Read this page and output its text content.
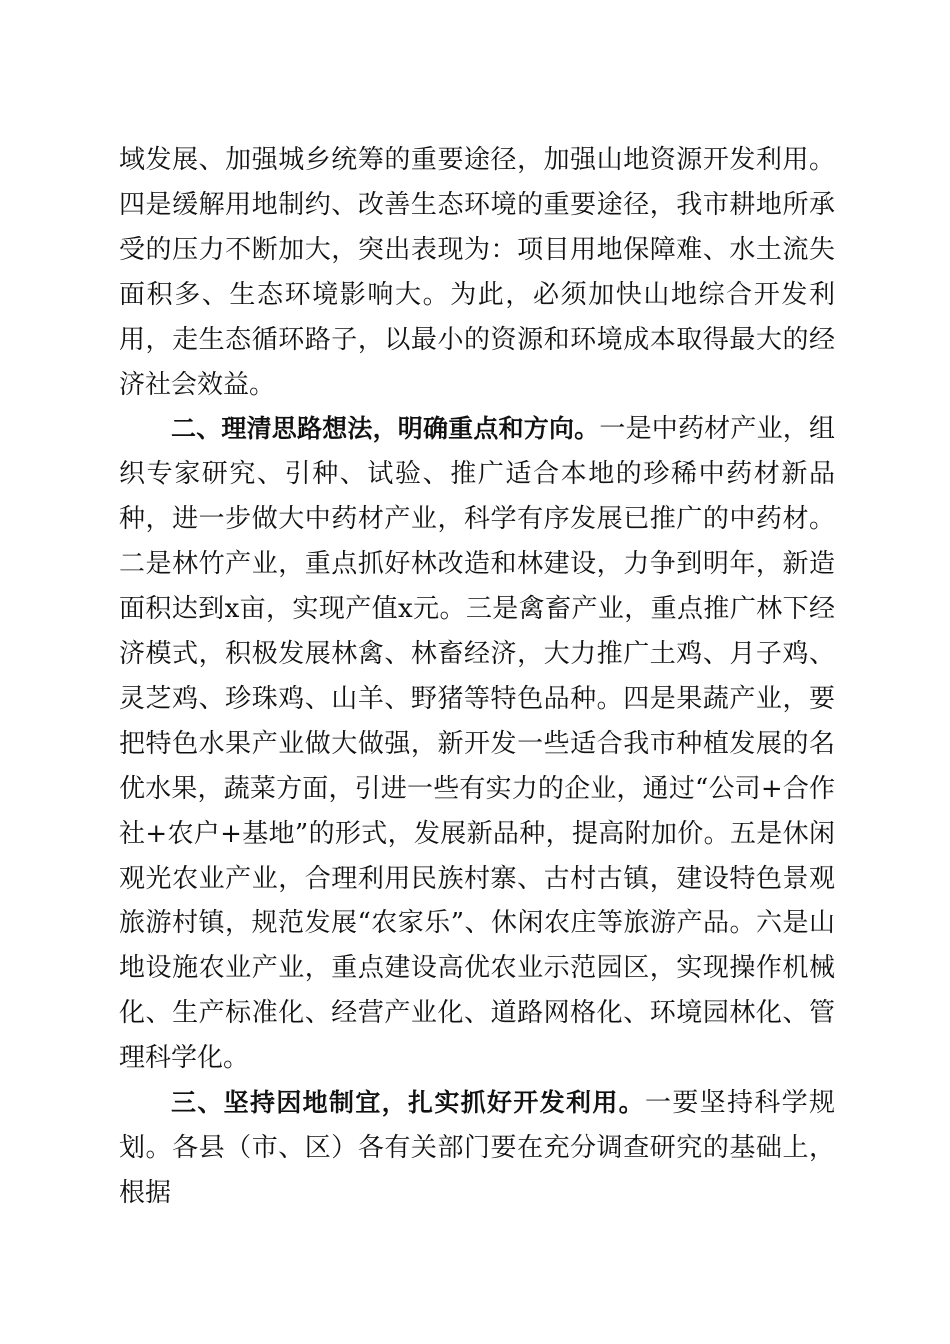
域发展、加强城乡统筹的重要途径，加强山地资源开发利用。四是缓解用地制约、改善生态环境的重要途径，我市耕地所承受的压力不断加大，突出表现为：项目用地保障难、水土流失面积多、生态环境影响大。为此，必须加快山地综合开发利用，走生态循环路子，以最小的资源和环境成本取得最大的经济社会效益。

二、理清思路想法，明确重点和方向。一是中药材产业，组织专家研究、引种、试验、推广适合本地的珍稀中药材新品种，进一步做大中药材产业，科学有序发展已推广的中药材。二是林竹产业，重点抓好林改造和林建设，力争到明年，新造面积达到x亩，实现产值x元。三是禽畜产业，重点推广林下经济模式，积极发展林禽、林畜经济，大力推广土鸡、月子鸡、灵芝鸡、珍珠鸡、山羊、野猪等特色品种。四是果蔬产业，要把特色水果产业做大做强，新开发一些适合我市种植发展的名优水果，蔬菜方面，引进一些有实力的企业，通过“公司+合作社+农户+基地”的形式，发展新品种，提高附加价。五是休闲观光农业产业，合理利用民族村寨、古村古镇，建设特色景观旅游村镇，规范发展“农家乐”、休闲农庄等旅游产品。六是山地设施农业产业，重点建设高优农业示范园区，实现操作机械化、生产标准化、经营产业化、道路网格化、环境园林化、管理科学化。

三、坚持因地制宜，扎实抓好开发利用。一要坚持科学规划。各县（市、区）各有关部门要在充分调查研究的基础上，根据
